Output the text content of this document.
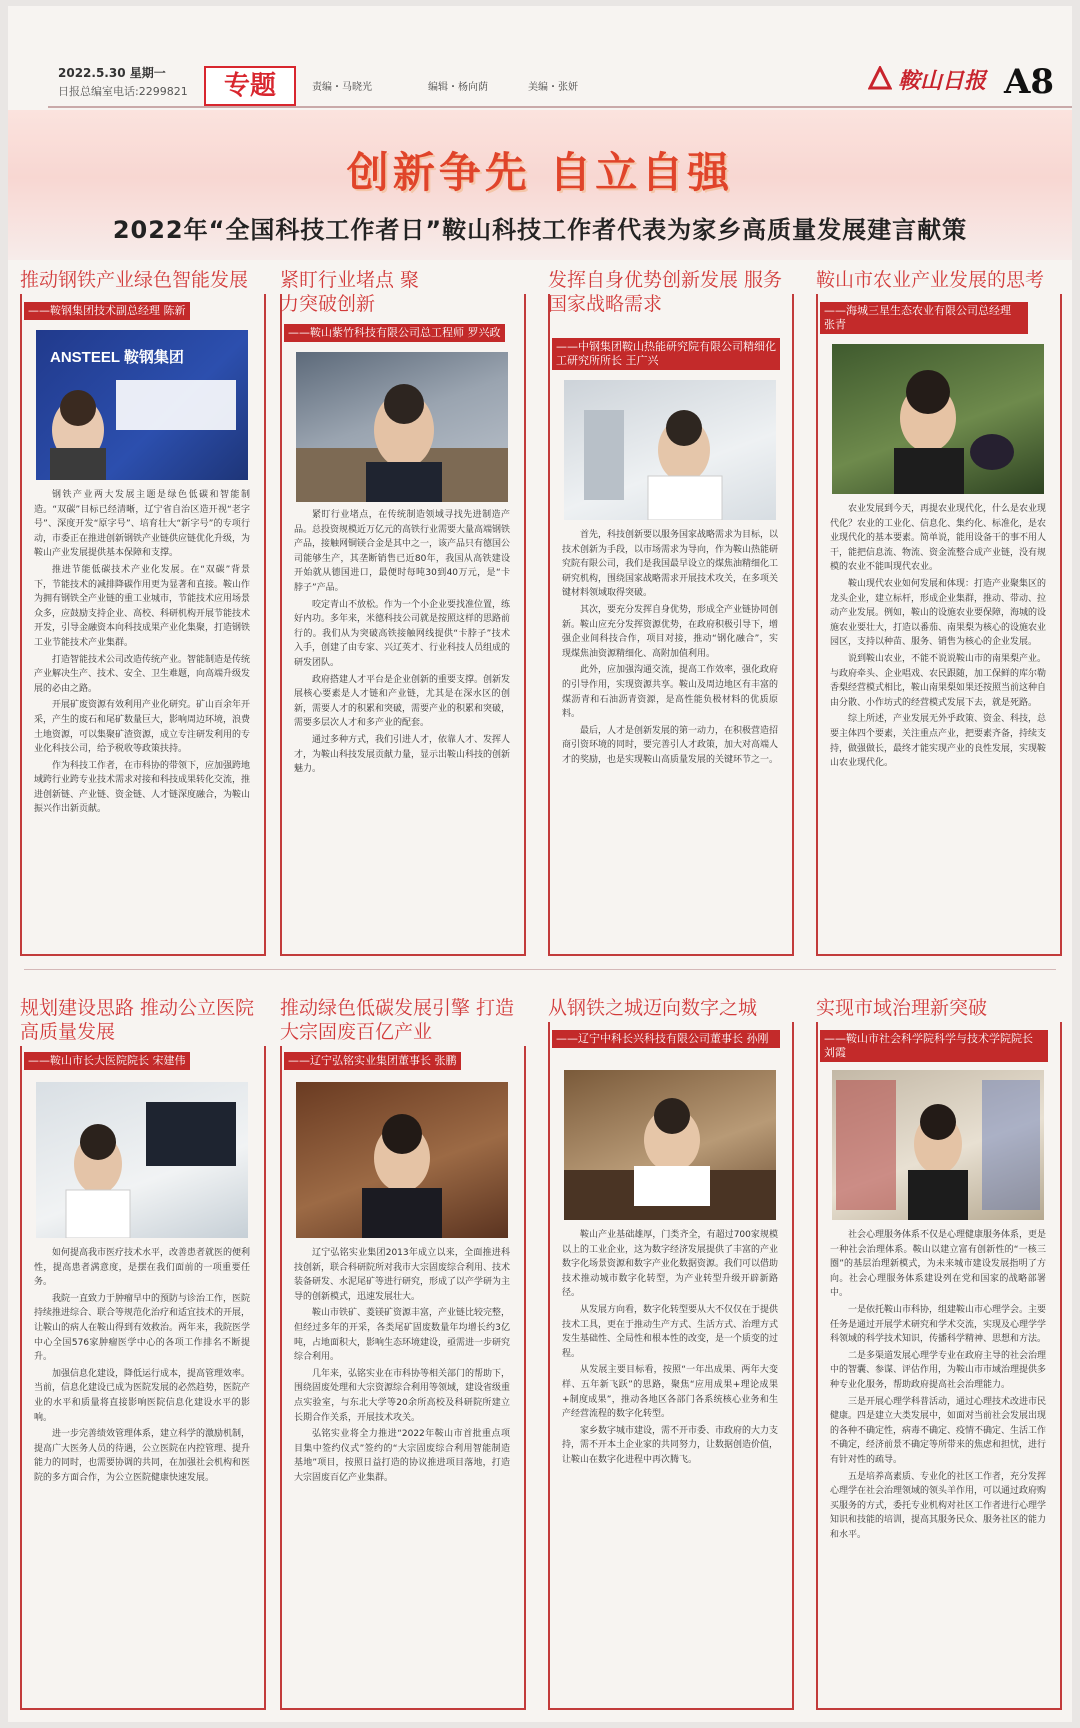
2022.5.30 星期一
日报总编室电话:2299821	专题	责编・马晓光	编辑・杨向荫	美编・张妍	鞍山日报 A8
创新争先 自立自强
2022年“全国科技工作者日”鞍山科技工作者代表为家乡高质量发展建言献策
推动钢铁产业绿色智能发展
——鞍钢集团技术副总经理 陈新
ANSTEEL 鞍钢集团

钢铁产业两大发展主题是绿色低碳和智能制造。“双碳”目标已经清晰，辽宁省自治区造开视“老字号”、深度开发“原字号”、培育壮大“新字号”的专项行动，市委正在推进创新钢铁产业链供应链优化升级，为鞍山产业发展提供基本保障和支撑。

推进节能低碳技术产业化发展。在“双碳”背景下，节能技术的减排降碳作用更为显著和直接。鞍山作为拥有钢铁全产业链的重工业城市，节能技术应用场景众多，应鼓励支持企业、高校、科研机构开展节能技术开发，引导金融资本向科技成果产业化集聚，打造钢铁工业节能技术产业集群。

打造智能技术公司改造传统产业。智能制造是传统产业解决生产、技术、安全、卫生难题，向高端升级发展的必由之路。

开展矿废资源有效利用产业化研究。矿山百余年开采，产生的废石和尾矿数量巨大，影响周边环境，浪费土地资源，可以集聚矿渣资源，成立专注研发利用的专业化科技公司，给予税收等政策扶持。

作为科技工作者，在市科协的带领下，应加强跨地域跨行业跨专业技术需求对接和科技成果转化交流，推进创新链、产业链、资金链、人才链深度融合，为鞍山振兴作出新贡献。

紧盯行业堵点 聚力突破创新
——鞍山紫竹科技有限公司总工程师 罗兴政

紧盯行业堵点，在传统制造领域寻找先进制造产品。总投资规模近万亿元的高铁行业需要大量高端钢铁产品，接触网铜镁合金是其中之一，该产品只有德国公司能够生产，其垄断销售已近80年，我国从高铁建设开始就从德国进口，最便时每吨30到40万元，是“卡脖子”产品。

咬定青山不放松。作为一个小企业要找准位置，练好内功。多年来，米德科技公司就是按照这样的思路前行的。我们从为突破高铁接触网线提供“卡脖子”技术入手，创建了由专家、兴辽英才、行业科技人员组成的研发团队。

政府搭建人才平台是企业创新的重要支撑。创新发展核心要素是人才链和产业链，尤其是在深水区的创新，需要人才的积累和突破，需要产业的积累和突破，需要多层次人才和多产业的配套。

通过多种方式，我们引进人才，依靠人才、发挥人才，为鞍山科技发展贡献力量，显示出鞍山科技的创新魅力。

发挥自身优势创新发展 服务国家战略需求
——中钢集团鞍山热能研究院有限公司精细化工研究所所长 王广兴

首先，科技创新要以服务国家战略需求为目标，以技术创新为手段，以市场需求为导向，作为鞍山热能研究院有限公司，我们是我国最早设立的煤焦油精细化工研究机构，围绕国家战略需求开展技术攻关，在多项关键材料领域取得突破。

其次，要充分发挥自身优势，形成全产业链协同创新。鞍山应充分发挥资源优势，在政府积极引导下，增强企业间科技合作，项目对接，推动“钢化融合”，实现煤焦油资源精细化、高附加值利用。

此外，应加强沟通交流，提高工作效率，强化政府的引导作用，实现资源共享。鞍山及周边地区有丰富的煤沥青和石油沥青资源，是高性能负极材料的优质原料。

最后，人才是创新发展的第一动力，在积极营造招商引资环境的同时，要完善引人才政策，加大对高端人才的奖励，也是实现鞍山高质量发展的关键环节之一。

鞍山市农业产业发展的思考
——海城三星生态农业有限公司总经理 张青

农业发展到今天，再提农业现代化，什么是农业现代化？农业的工业化、信息化、集约化、标准化，是农业现代化的基本要素。简单说，能用设备干的事不用人干，能把信息流、物流、资金流整合成产业链，没有规模的农业不能叫现代农业。

鞍山现代农业如何发展和体现：打造产业聚集区的龙头企业，建立标杆，形成企业集群，推动、带动、拉动产业发展。例如，鞍山的设施农业要保障，海城的设施农业要壮大，打造以番茄、南果梨为核心的设施农业园区，支持以种苗、服务、销售为核心的企业发展。

说到鞍山农业，不能不说说鞍山市的南果梨产业。与政府牵头、企业唱戏、农民跟随，加工保鲜的库尔勒香梨经营模式相比，鞍山南果梨如果还按照当前这种自由分散、小作坊式的经营模式发展下去，就是死路。

综上所述，产业发展无外乎政策、资金、科技，总要主体四个要素，关注重点产业，把要素齐备，持续支持，做强做长，最终才能实现产业的良性发展，实现鞍山农业现代化。

规划建设思路 推动公立医院高质量发展
——鞍山市长大医院院长 宋建伟

如何提高我市医疗技术水平，改善患者就医的便利性，提高患者满意度，是摆在我们面前的一项重要任务。

我院一直致力于肿瘤早中的预防与诊治工作，医院持续推进综合、联合等规范化治疗和适宜技术的开展，让鞍山的病人在鞍山得到有效救治。两年来，我院医学中心全国576家肿瘤医学中心的各项工作排名不断提升。

加强信息化建设，降低运行成本，提高管理效率。当前，信息化建设已成为医院发展的必然趋势，医院产业的水平和质量将直接影响医院信息化建设水平的影响。

进一步完善绩效管理体系，建立科学的激励机制，提高广大医务人员的待遇，公立医院在内控管理、提升能力的同时，也需要协调的共同，在加强社会机构和医院的多方面合作，为公立医院健康快速发展。

推动绿色低碳发展引擎 打造大宗固废百亿产业
——辽宁弘铭实业集团董事长 张鹏

辽宁弘铭实业集团2013年成立以来，全面推进科技创新，联合科研院所对我市大宗固废综合利用、技术装备研发、水泥尾矿等进行研究，形成了以产学研为主导的创新模式，迅速发展壮大。

鞍山市铁矿、菱镁矿资源丰富，产业链比较完整，但经过多年的开采，各类尾矿固废数量年均增长约3亿吨，占地面积大，影响生态环境建设，亟需进一步研究综合利用。

几年来，弘铭实业在市科协等相关部门的帮助下，围绕固废处理和大宗资源综合利用等领域，建设省级重点实验室，与东北大学等20余所高校及科研院所建立长期合作关系，开展技术攻关。

弘铭实业将全力推进“2022年鞍山市首批重点项目集中签约仪式”签约的“大宗固废综合利用智能制造基地”项目，按照日益打造的协议推进项目落地，打造大宗固废百亿产业集群。

从钢铁之城迈向数字之城
——辽宁中科长兴科技有限公司董事长 孙刚

鞍山产业基础雄厚，门类齐全，有超过700家规模以上的工业企业，这为数字经济发展提供了丰富的产业数字化场景资源和数字产业化数据资源。我们可以借助技术推动城市数字化转型，为产业转型升级开辟新路径。

从发展方向看，数字化转型要从大不仅仅在于提供技术工具，更在于推动生产方式、生活方式、治理方式发生基础性、全局性和根本性的改变，是一个质变的过程。

从发展主要目标看，按照“一年出成果、两年大变样、五年新飞跃”的思路，聚焦“应用成果+理论成果+制度成果”，推动各地区各部门各系统核心业务和生产经营流程的数字化转型。

家乡数字城市建设，需不开市委、市政府的大力支持，需不开本土企业家的共同努力，让数据创造价值，让鞍山在数字化进程中再次腾飞。

实现市域治理新突破
——鞍山市社会科学院科学与技术学院院长 刘霞

社会心理服务体系不仅是心理健康服务体系，更是一种社会治理体系。鞍山以建立富有创新性的“一核三圈”的基层治理新模式，为未来城市建设发展指明了方向。社会心理服务体系建设列在党和国家的战略部署中。

一是依托鞍山市科协，组建鞍山市心理学会。主要任务是通过开展学术研究和学术交流，实现及心理学学科领域的科学技术知识，传播科学精神、思想和方法。

二是多渠道发展心理学专业在政府主导的社会治理中的智囊、参谋、评估作用，为鞍山市市域治理提供多种专业化服务，帮助政府提高社会治理能力。

三是开展心理学科普活动，通过心理技术改进市民健康。四是建立大类发展中，如面对当前社会发展出现的各种不确定性，病毒不确定、疫情不确定、生活工作不确定，经济前景不确定等所带来的焦虑和担忧，进行有针对性的疏导。

五是培养高素质、专业化的社区工作者，充分发挥心理学在社会治理领域的领头羊作用，可以通过政府购买服务的方式，委托专业机构对社区工作者进行心理学知识和技能的培训，提高其服务民众、服务社区的能力和水平。
